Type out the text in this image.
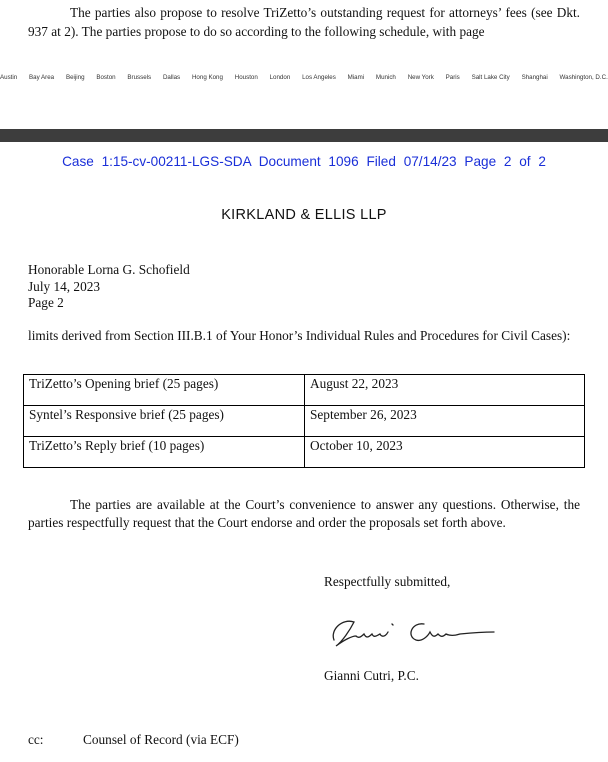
The parties also propose to resolve TriZetto’s outstanding request for attorneys’ fees (see Dkt. 937 at 2). The parties propose to do so according to the following schedule, with page
Austin Bay Area Beijing Boston Brussels Dallas Hong Kong Houston London Los Angeles Miami Munich New York Paris Salt Lake City Shanghai Washington, D.C.
Case 1:15-cv-00211-LGS-SDA Document 1096 Filed 07/14/23 Page 2 of 2
KIRKLAND & ELLIS LLP
Honorable Lorna G. Schofield
July 14, 2023
Page 2
limits derived from Section III.B.1 of Your Honor’s Individual Rules and Procedures for Civil Cases):
TriZetto’s Opening brief (25 pages)	August 22, 2023
Syntel’s Responsive brief (25 pages)	September 26, 2023
TriZetto’s Reply brief (10 pages)	October 10, 2023
The parties are available at the Court’s convenience to answer any questions. Otherwise, the parties respectfully request that the Court endorse and order the proposals set forth above.
Respectfully submitted,
Gianni Cutri, P.C.
cc:	Counsel of Record (via ECF)
